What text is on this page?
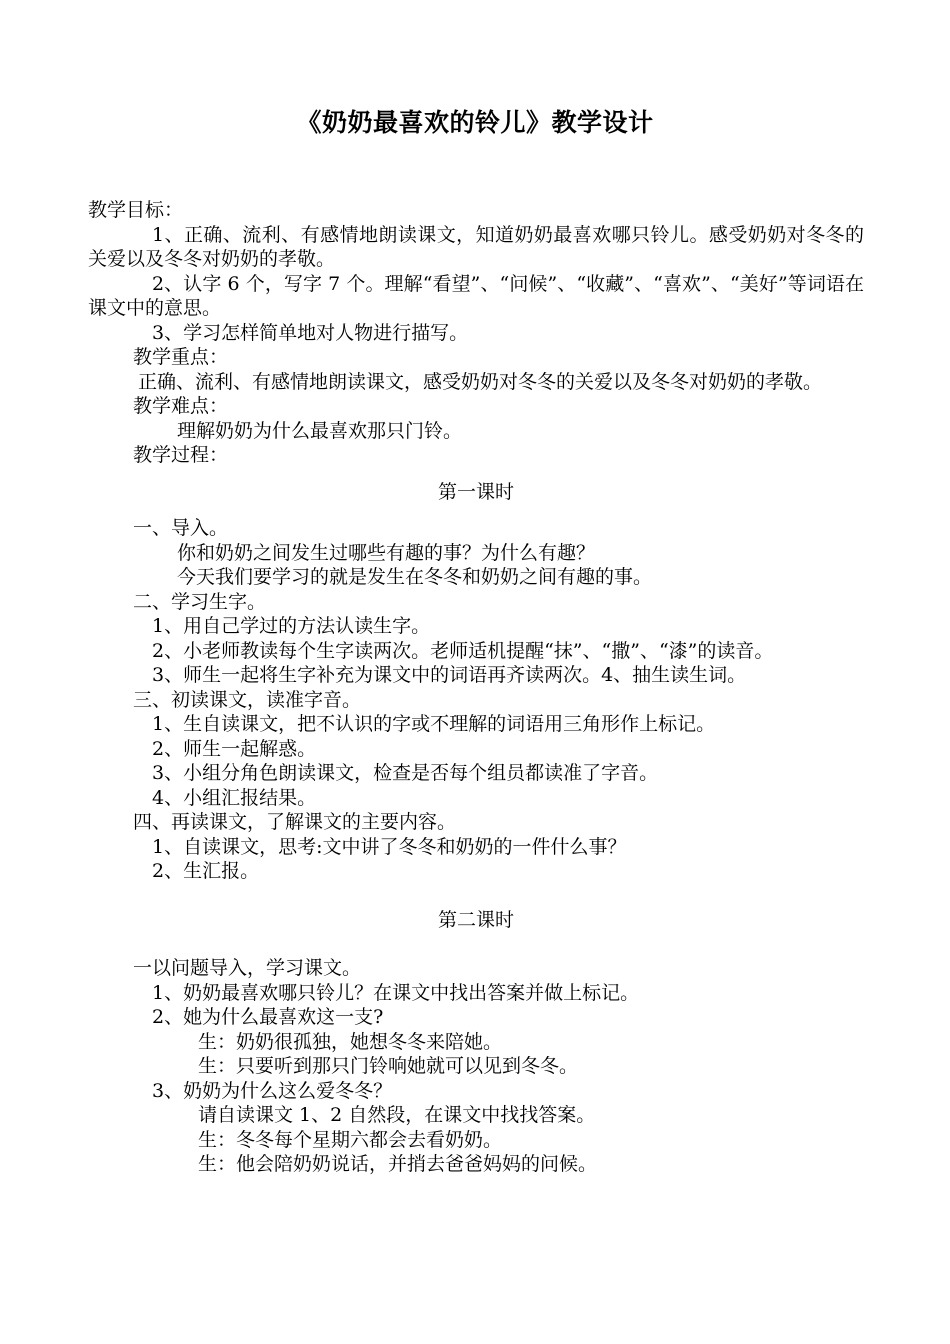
《奶奶最喜欢的铃儿》教学设计

教学目标：

1、正确、流利、有感情地朗读课文，知道奶奶最喜欢哪只铃儿。感受奶奶对冬冬的关爱以及冬冬对奶奶的孝敬。

2、认字 6 个，写字 7 个。理解“看望”、“问候”、“收藏”、“喜欢”、“美好”等词语在课文中的意思。

3、学习怎样简单地对人物进行描写。

教学重点：

正确、流利、有感情地朗读课文，感受奶奶对冬冬的关爱以及冬冬对奶奶的孝敬。

教学难点：

理解奶奶为什么最喜欢那只门铃。

教学过程：

第一课时

一、导入。

你和奶奶之间发生过哪些有趣的事？为什么有趣？

今天我们要学习的就是发生在冬冬和奶奶之间有趣的事。

二、学习生字。

1、用自己学过的方法认读生字。

2、小老师教读每个生字读两次。老师适机提醒“抹”、“撒”、“漆”的读音。

3、师生一起将生字补充为课文中的词语再齐读两次。4、抽生读生词。

三、初读课文，读准字音。

1、生自读课文，把不认识的字或不理解的词语用三角形作上标记。

2、师生一起解惑。

3、小组分角色朗读课文，检查是否每个组员都读准了字音。

4、小组汇报结果。

四、再读课文，了解课文的主要内容。

1、自读课文，思考:文中讲了冬冬和奶奶的一件什么事？

2、生汇报。

第二课时

一以问题导入，学习课文。

1、奶奶最喜欢哪只铃儿？在课文中找出答案并做上标记。

2、她为什么最喜欢这一支?

生：奶奶很孤独，她想冬冬来陪她。

生：只要听到那只门铃响她就可以见到冬冬。

3、奶奶为什么这么爱冬冬？

请自读课文 1、2 自然段，在课文中找找答案。

生：冬冬每个星期六都会去看奶奶。

生：他会陪奶奶说话，并捎去爸爸妈妈的问候。
